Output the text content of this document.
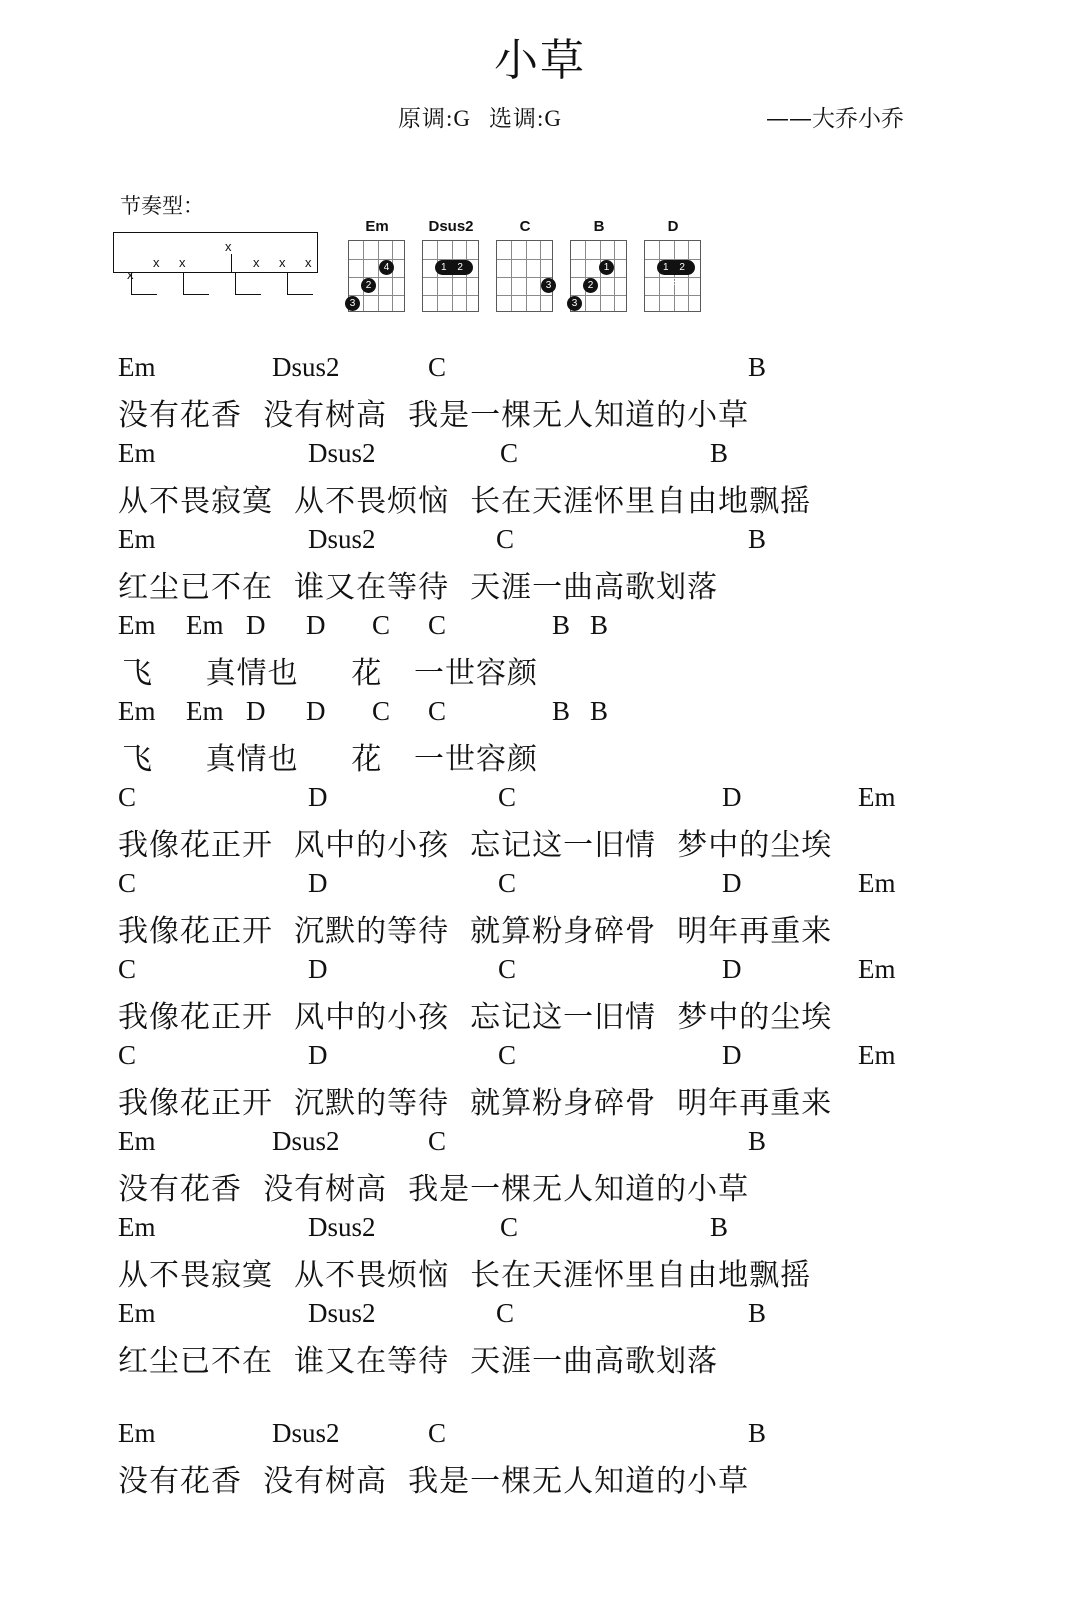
小草
原调:G 选调:G	——大乔小乔
节奏型：
x
x x
x
x x x
Em
4
2
3
Dsus2
1 2
C
3
B
1
2
3
D
1 2 3
Em	Dsus2	C	B
没有花香  没有树高  我是一棵无人知道的小草
Em	Dsus2	C	B
从不畏寂寞  从不畏烦恼  长在天涯怀里自由地飘摇
Em	Dsus2	C	B
红尘已不在  谁又在等待  天涯一曲高歌划落
Em Em D D C C	B B
飞     真情也     花   一世容颜
Em Em D D C C	B B
飞     真情也     花   一世容颜
C	D	C	D	Em
我像花正开  风中的小孩  忘记这一旧情  梦中的尘埃
C	D	C	D	Em
我像花正开  沉默的等待  就算粉身碎骨  明年再重来
C	D	C	D	Em
我像花正开  风中的小孩  忘记这一旧情  梦中的尘埃
C	D	C	D	Em
我像花正开  沉默的等待  就算粉身碎骨  明年再重来
Em	Dsus2	C	B
没有花香  没有树高  我是一棵无人知道的小草
Em	Dsus2	C	B
从不畏寂寞  从不畏烦恼  长在天涯怀里自由地飘摇
Em	Dsus2	C	B
红尘已不在  谁又在等待  天涯一曲高歌划落
Em	Dsus2	C	B
没有花香  没有树高  我是一棵无人知道的小草
